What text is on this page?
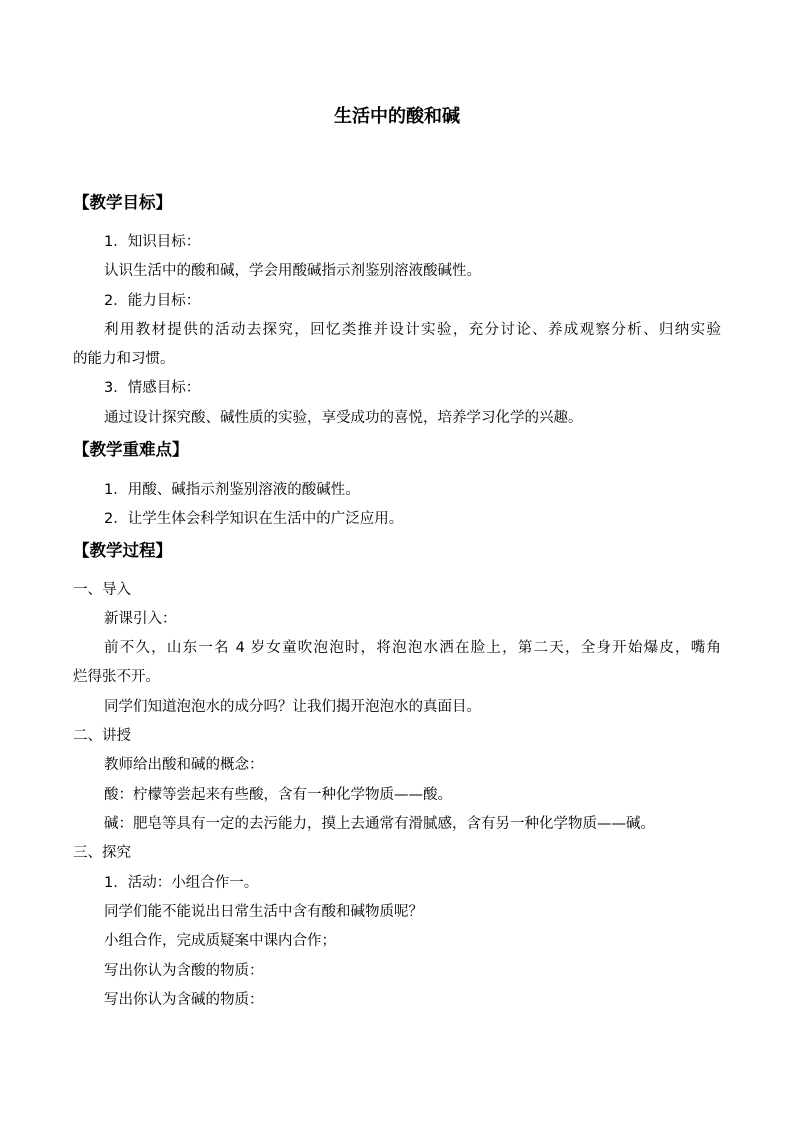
生活中的酸和碱
【教学目标】
1．知识目标：
认识生活中的酸和碱，学会用酸碱指示剂鉴别溶液酸碱性。
2．能力目标：
利用教材提供的活动去探究，回忆类推并设计实验，充分讨论、养成观察分析、归纳实验
的能力和习惯。
3．情感目标：
通过设计探究酸、碱性质的实验，享受成功的喜悦，培养学习化学的兴趣。
【教学重难点】
1．用酸、碱指示剂鉴别溶液的酸碱性。
2．让学生体会科学知识在生活中的广泛应用。
【教学过程】
一、导入
新课引入：
前不久，山东一名 4 岁女童吹泡泡时，将泡泡水洒在脸上，第二天，全身开始爆皮，嘴角
烂得张不开。
同学们知道泡泡水的成分吗？让我们揭开泡泡水的真面目。
二、讲授
教师给出酸和碱的概念：
酸：柠檬等尝起来有些酸，含有一种化学物质——酸。
碱：肥皂等具有一定的去污能力，摸上去通常有滑腻感，含有另一种化学物质——碱。
三、探究
1．活动：小组合作一。
同学们能不能说出日常生活中含有酸和碱物质呢？
小组合作，完成质疑案中课内合作；
写出你认为含酸的物质：
写出你认为含碱的物质：
